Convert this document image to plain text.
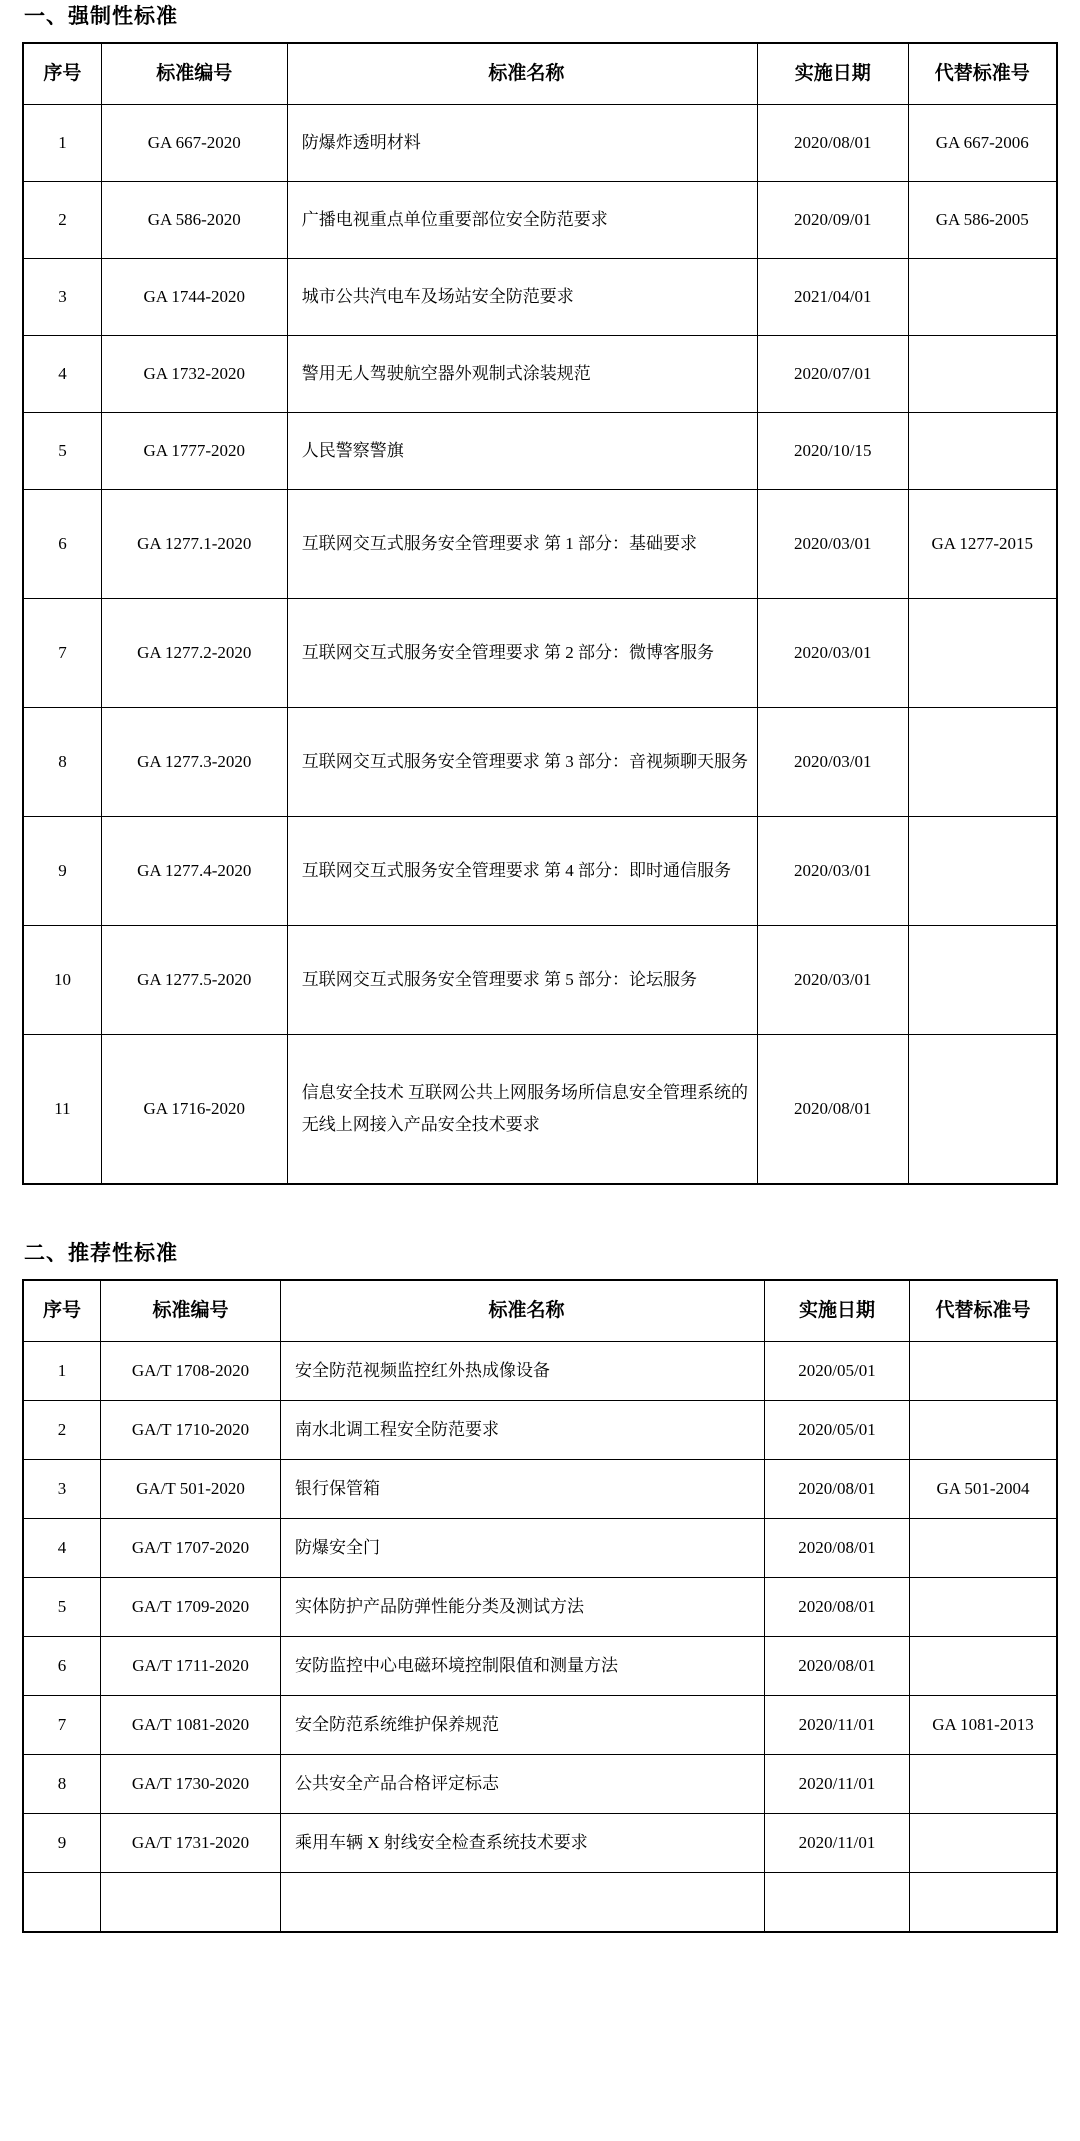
一、强制性标准
序号	标准编号	标准名称	实施日期	代替标准号
1	GA 667-2020	防爆炸透明材料	2020/08/01	GA 667-2006
2	GA 586-2020	广播电视重点单位重要部位安全防范要求	2020/09/01	GA 586-2005
3	GA 1744-2020	城市公共汽电车及场站安全防范要求	2021/04/01	
4	GA 1732-2020	警用无人驾驶航空器外观制式涂装规范	2020/07/01	
5	GA 1777-2020	人民警察警旗	2020/10/15	
6	GA 1277.1-2020	互联网交互式服务安全管理要求 第 1 部分：基础要求	2020/03/01	GA 1277-2015
7	GA 1277.2-2020	互联网交互式服务安全管理要求 第 2 部分：微博客服务	2020/03/01	
8	GA 1277.3-2020	互联网交互式服务安全管理要求 第 3 部分：音视频聊天服务	2020/03/01	
9	GA 1277.4-2020	互联网交互式服务安全管理要求 第 4 部分：即时通信服务	2020/03/01	
10	GA 1277.5-2020	互联网交互式服务安全管理要求 第 5 部分：论坛服务	2020/03/01	
11	GA 1716-2020	信息安全技术 互联网公共上网服务场所信息安全管理系统的无线上网接入产品安全技术要求	2020/08/01	
二、推荐性标准
序号	标准编号	标准名称	实施日期	代替标准号
1	GA/T 1708-2020	安全防范视频监控红外热成像设备	2020/05/01	
2	GA/T 1710-2020	南水北调工程安全防范要求	2020/05/01	
3	GA/T 501-2020	银行保管箱	2020/08/01	GA 501-2004
4	GA/T 1707-2020	防爆安全门	2020/08/01	
5	GA/T 1709-2020	实体防护产品防弹性能分类及测试方法	2020/08/01	
6	GA/T 1711-2020	安防监控中心电磁环境控制限值和测量方法	2020/08/01	
7	GA/T 1081-2020	安全防范系统维护保养规范	2020/11/01	GA 1081-2013
8	GA/T 1730-2020	公共安全产品合格评定标志	2020/11/01	
9	GA/T 1731-2020	乘用车辆 X 射线安全检查系统技术要求	2020/11/01	
